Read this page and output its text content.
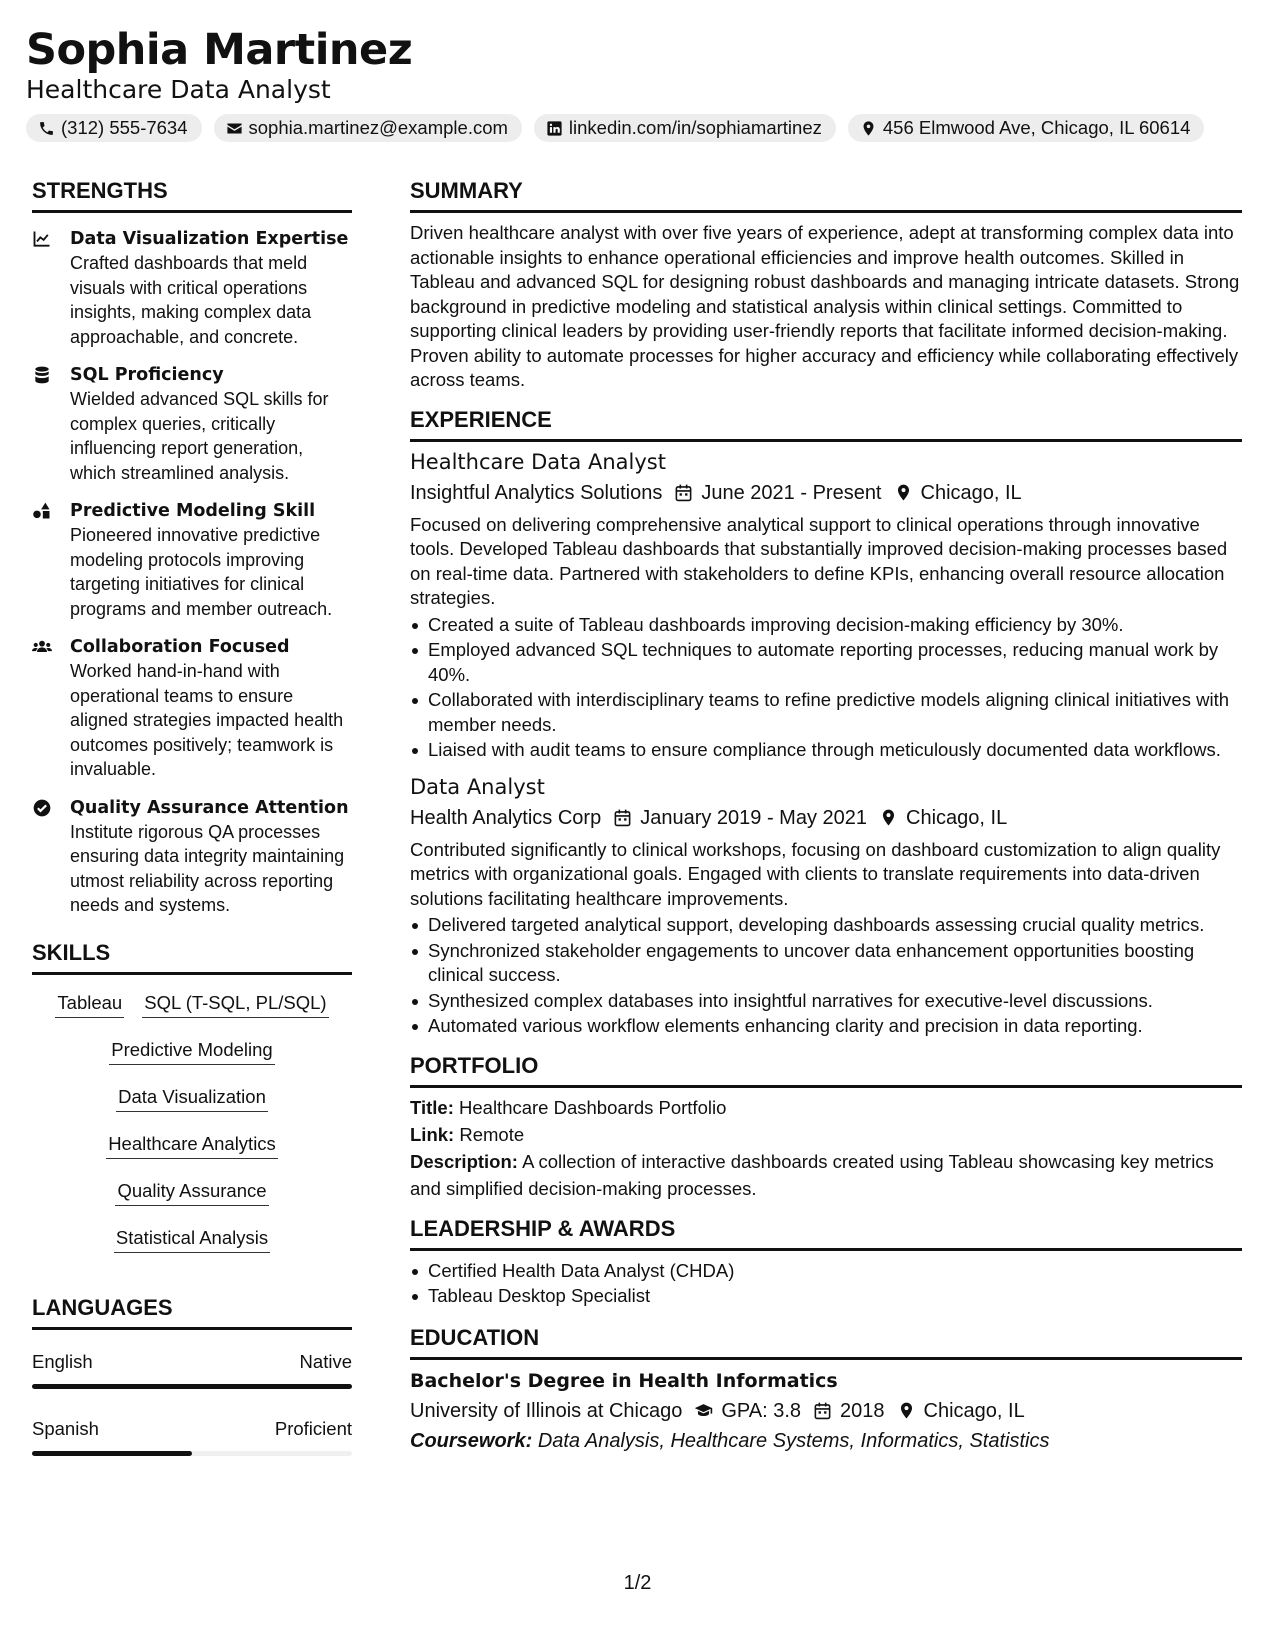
Sophia Martinez
Healthcare Data Analyst
(312) 555-7634	sophia.martinez@example.com	linkedin.com/in/sophiamartinez	456 Elmwood Ave, Chicago, IL 60614
STRENGTHS
Data Visualization Expertise
Crafted dashboards that meld visuals with critical operations insights, making complex data approachable, and concrete.
SQL Proficiency
Wielded advanced SQL skills for complex queries, critically influencing report generation, which streamlined analysis.
Predictive Modeling Skill
Pioneered innovative predictive modeling protocols improving targeting initiatives for clinical programs and member outreach.
Collaboration Focused
Worked hand-in-hand with operational teams to ensure aligned strategies impacted health outcomes positively; teamwork is invaluable.
Quality Assurance Attention
Institute rigorous QA processes ensuring data integrity maintaining utmost reliability across reporting needs and systems.
SKILLS
Tableau SQL (T-SQL, PL/SQL)
Predictive Modeling
Data Visualization
Healthcare Analytics
Quality Assurance
Statistical Analysis
LANGUAGES
English	Native
Spanish	Proficient
SUMMARY
Driven healthcare analyst with over five years of experience, adept at transforming complex data into actionable insights to enhance operational efficiencies and improve health outcomes. Skilled in Tableau and advanced SQL for designing robust dashboards and managing intricate datasets. Strong background in predictive modeling and statistical analysis within clinical settings. Committed to supporting clinical leaders by providing user-friendly reports that facilitate informed decision-making. Proven ability to automate processes for higher accuracy and efficiency while collaborating effectively across teams.
EXPERIENCE
Healthcare Data Analyst
Insightful Analytics Solutions June 2021 - Present Chicago, IL
Focused on delivering comprehensive analytical support to clinical operations through innovative tools. Developed Tableau dashboards that substantially improved decision-making processes based on real-time data. Partnered with stakeholders to define KPIs, enhancing overall resource allocation strategies.
Created a suite of Tableau dashboards improving decision-making efficiency by 30%.
Employed advanced SQL techniques to automate reporting processes, reducing manual work by 40%.
Collaborated with interdisciplinary teams to refine predictive models aligning clinical initiatives with member needs.
Liaised with audit teams to ensure compliance through meticulously documented data workflows.
Data Analyst
Health Analytics Corp January 2019 - May 2021 Chicago, IL
Contributed significantly to clinical workshops, focusing on dashboard customization to align quality metrics with organizational goals. Engaged with clients to translate requirements into data-driven solutions facilitating healthcare improvements.
Delivered targeted analytical support, developing dashboards assessing crucial quality metrics.
Synchronized stakeholder engagements to uncover data enhancement opportunities boosting clinical success.
Synthesized complex databases into insightful narratives for executive-level discussions.
Automated various workflow elements enhancing clarity and precision in data reporting.
PORTFOLIO
Title: Healthcare Dashboards Portfolio
Link: Remote
Description: A collection of interactive dashboards created using Tableau showcasing key metrics and simplified decision-making processes.
LEADERSHIP & AWARDS
Certified Health Data Analyst (CHDA)
Tableau Desktop Specialist
EDUCATION
Bachelor's Degree in Health Informatics
University of Illinois at Chicago GPA: 3.8 2018 Chicago, IL
Coursework: Data Analysis, Healthcare Systems, Informatics, Statistics
1/2
